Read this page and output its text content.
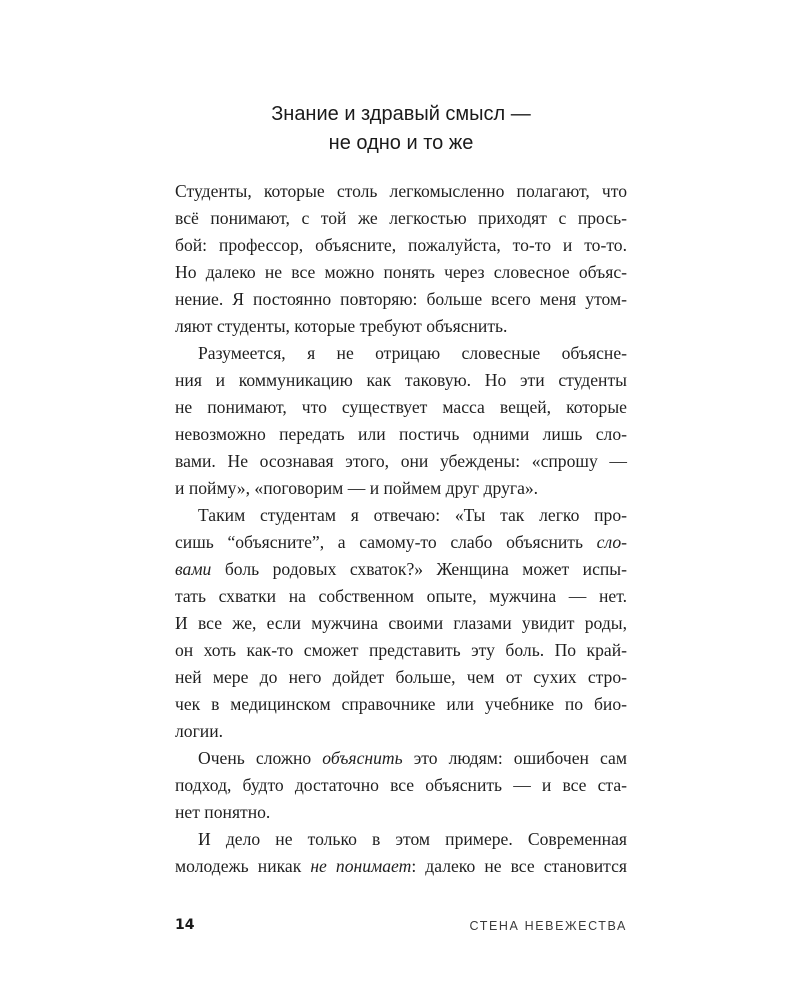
Знание и здравый смысл —
не одно и то же
Студенты, которые столь легкомысленно полагают, что
всё понимают, с той же легкостью приходят с прось-
бой: профессор, объясните, пожалуйста, то-то и то-то.
Но далеко не все можно понять через словесное объяс-
нение. Я постоянно повторяю: больше всего меня утом-
ляют студенты, которые требуют объяснить.
Разумеется, я не отрицаю словесные объяснe-
ния и коммуникацию как таковую. Но эти студенты
не понимают, что существует масса вещей, которые
невозможно передать или постичь одними лишь сло-
вами. Не осознавая этого, они убеждены: «спрошу —
и пойму», «поговорим — и поймем друг друга».
Таким студентам я отвечаю: «Ты так легко про-
сишь “объясните”, а самому-то слабо объяснить сло-
вами боль родовых схваток?» Женщина может испы-
тать схватки на собственном опыте, мужчина — нет.
И все же, если мужчина своими глазами увидит роды,
он хоть как-то сможет представить эту боль. По край-
ней мере до него дойдет больше, чем от сухих стро-
чек в медицинском справочнике или учебнике по био-
логии.
Очень сложно объяснить это людям: ошибочен сам
подход, будто достаточно все объяснить — и все ста-
нет понятно.
И дело не только в этом примере. Современная
молодежь никак не понимает: далеко не все становится
14	СТЕНА НЕВЕЖЕСТВА
